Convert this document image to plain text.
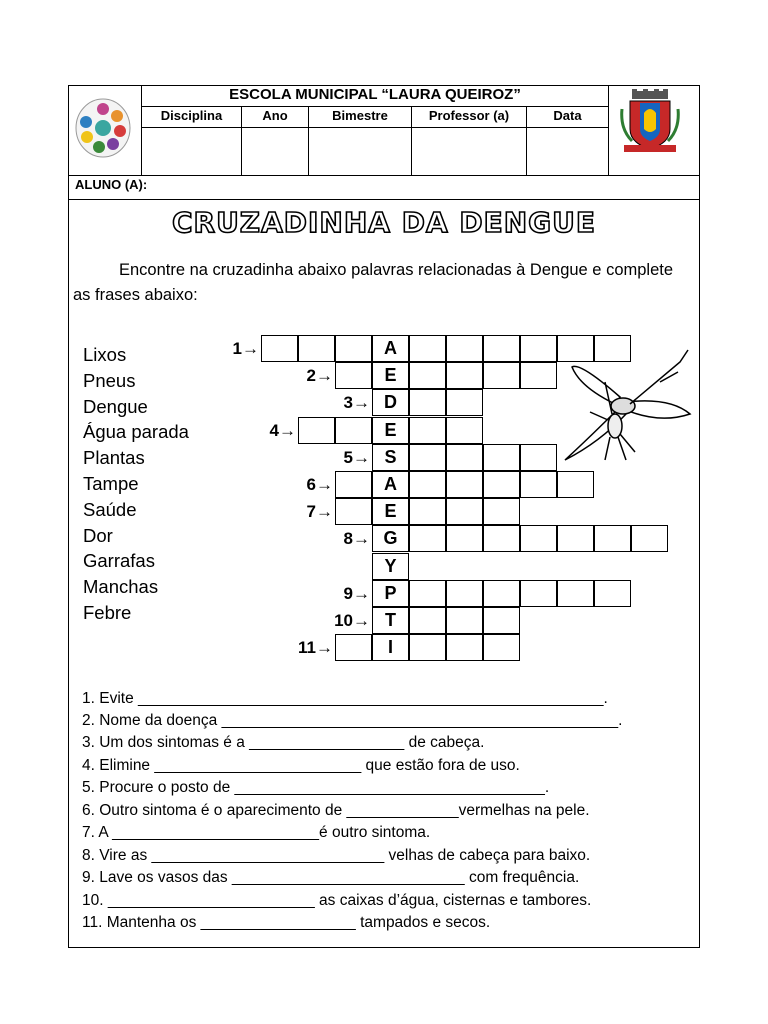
ESCOLA MUNICIPAL “LAURA QUEIROZ”
Disciplina	Ano	Bimestre	Professor (a)	Data
ALUNO (A):
CRUZADINHA DA DENGUE
Encontre na cruzadinha abaixo palavras relacionadas à Dengue e complete as frases abaixo:
Lixos
Pneus
Dengue
Água parada
Plantas
Tampe
Saúde
Dor
Garrafas
Manchas
Febre
A
1→
E
2→
D
3→
E
4→
S
5→
A
6→
E
7→
G
8→
Y
P
9→
T
10→
I
11→
1. Evite ______________________________________________________.
2. Nome da doença ______________________________________________.
3. Um dos sintomas é a __________________ de cabeça.
4. Elimine ________________________ que estão fora de uso.
5. Procure o posto de ____________________________________.
6. Outro sintoma é o aparecimento de _____________vermelhas na pele.
7. A ________________________é outro sintoma.
8. Vire as ___________________________ velhas de cabeça para baixo.
9. Lave os vasos das ___________________________ com frequência.
10. ________________________ as caixas d’água, cisternas e tambores.
11. Mantenha os __________________ tampados e secos.
